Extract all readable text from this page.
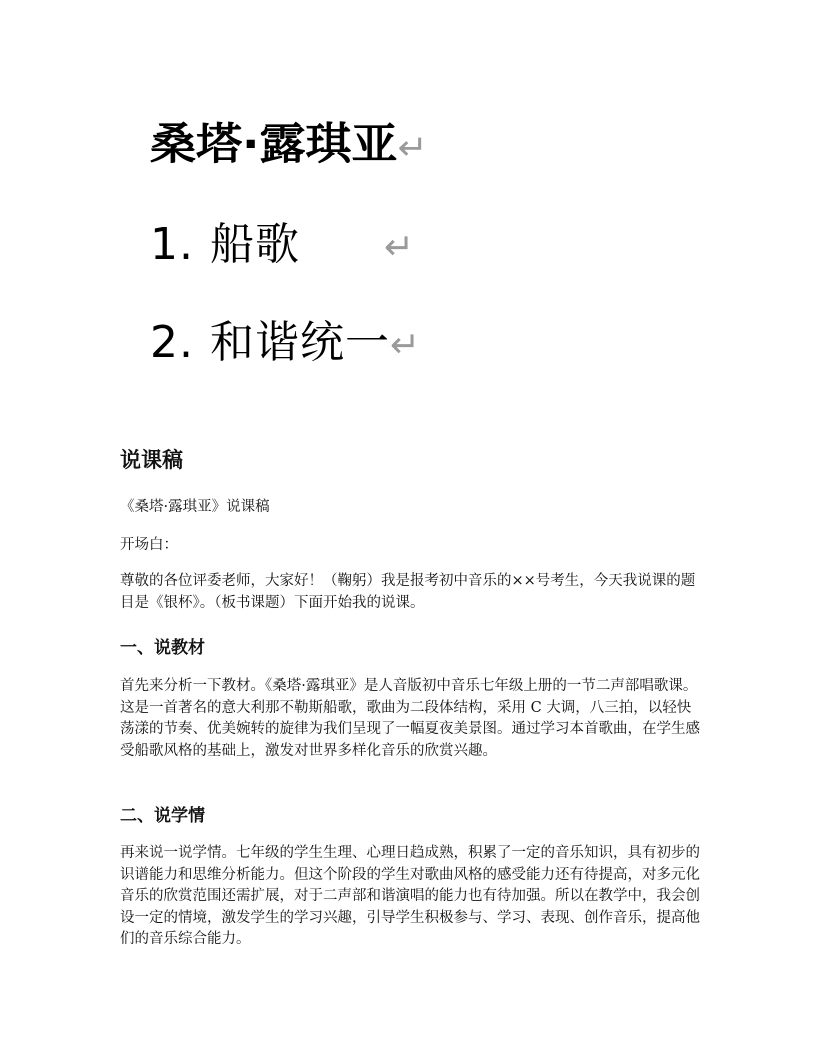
桑塔·露琪亚↵
1. 船歌 ↵
2. 和谐统一↵
说课稿

《桑塔·露琪亚》说课稿

开场白：

尊敬的各位评委老师，大家好！（鞠躬）我是报考初中音乐的××号考生，今天我说课的题目是《银杯》。（板书课题）下面开始我的说课。

一、说教材

首先来分析一下教材。《桑塔·露琪亚》是人音版初中音乐七年级上册的一节二声部唱歌课。这是一首著名的意大利那不勒斯船歌，歌曲为二段体结构，采用 C 大调，八三拍，以轻快荡漾的节奏、优美婉转的旋律为我们呈现了一幅夏夜美景图。通过学习本首歌曲，在学生感受船歌风格的基础上，激发对世界多样化音乐的欣赏兴趣。

二、说学情

再来说一说学情。七年级的学生生理、心理日趋成熟，积累了一定的音乐知识，具有初步的识谱能力和思维分析能力。但这个阶段的学生对歌曲风格的感受能力还有待提高，对多元化音乐的欣赏范围还需扩展，对于二声部和谐演唱的能力也有待加强。所以在教学中，我会创设一定的情境，激发学生的学习兴趣，引导学生积极参与、学习、表现、创作音乐，提高他们的音乐综合能力。
